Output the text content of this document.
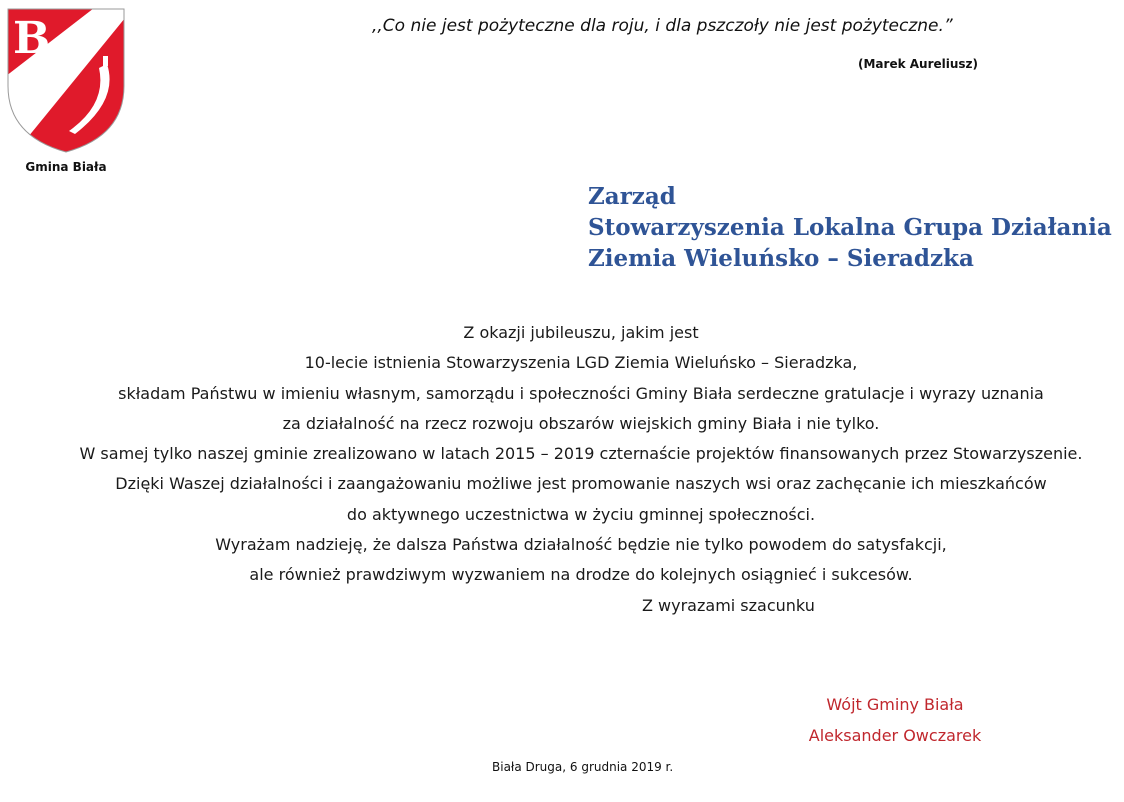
B
Gmina Biała
,,Co nie jest pożyteczne dla roju, i dla pszczoły nie jest pożyteczne.”
(Marek Aureliusz)
Zarząd
Stowarzyszenia Lokalna Grupa Działania
Ziemia Wieluńsko – Sieradzka
Z okazji jubileuszu, jakim jest
10-lecie istnienia Stowarzyszenia LGD Ziemia Wieluńsko – Sieradzka,
składam Państwu w imieniu własnym, samorządu i społeczności Gminy Biała serdeczne gratulacje i wyrazy uznania
za działalność na rzecz rozwoju obszarów wiejskich gminy Biała i nie tylko.
W samej tylko naszej gminie zrealizowano w latach 2015 – 2019 czternaście projektów finansowanych przez Stowarzyszenie.
Dzięki Waszej działalności i zaangażowaniu możliwe jest promowanie naszych wsi oraz zachęcanie ich mieszkańców
do aktywnego uczestnictwa w życiu gminnej społeczności.
Wyrażam nadzieję, że dalsza Państwa działalność będzie nie tylko powodem do satysfakcji,
ale również prawdziwym wyzwaniem na drodze do kolejnych osiągnieć i sukcesów.
Z wyrazami szacunku
Wójt Gminy Biała
Aleksander Owczarek
Biała Druga, 6 grudnia 2019 r.
